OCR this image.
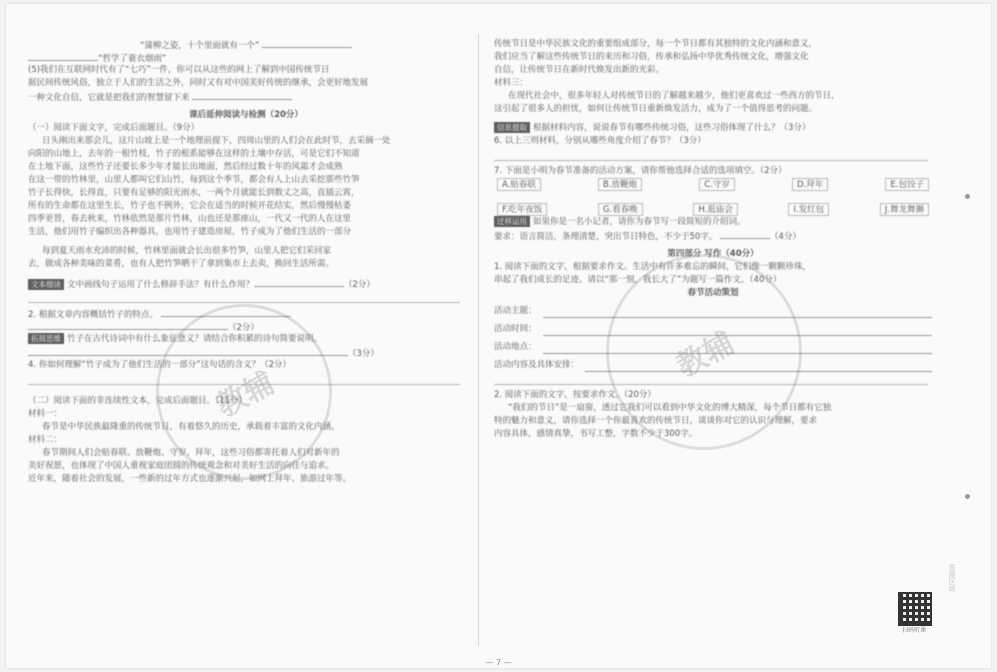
“蒲柳之姿，十个里面就有一个”
“哲学了蓑衣烟雨”
(5)我们在互联网时代有了“七巧”一件，你可以从这些的网上了解到中国传统节日
据民间传统风俗，独立于人们的生活之外，同时又有对中国美好传统的继承，会更好地发展
一种文化自信，它就是把我们的智慧留下来
课后延伸阅读与检测（20分）
（一）阅读下面文字，完成后面题目。（9分）
日头刚出来那会儿，这片山坡上是一个地理前提下，四周山里的人们会在此时节，去采摘一处
向阳的山地上，去年的一根竹枝，竹子的根系能够在这样的土壤中存活，可是它们不知道
在土地下面，这些竹子还要长多少年才能长出地面，然后经过数十年的风霜才会成熟
在这一带的竹林里，山里人都叫它们山竹，每到这个季节，都会有人上山去采挖那些竹笋
竹子长得快，长得直，只要有足够的阳光雨水，一两个月就能长到数丈之高，直插云霄，
所有的生命都在这里生长，竹子也不例外，它会在适当的时候开花结实，然后慢慢枯萎
四季更替，春去秋来，竹林依然是那片竹林，山也还是那座山，一代又一代的人在这里
生活，他们用竹子编织出各种器具，也用竹子建造房屋，竹子成为了他们生活的一部分
每到夏天雨水充沛的时候，竹林里面就会长出很多竹笋，山里人把它们采回家
去，做成各种美味的菜肴，也有人把竹笋晒干了拿到集市上去卖，换回生活所需。
文本细读 文中画线句子运用了什么修辞手法？有什么作用？	（2分）
2. 根据文章内容概括竹子的特点。
（2分）
拓展思维 竹子在古代诗词中有什么象征意义？请结合你积累的诗句简要说明。
（3分）
4. 你如何理解“竹子成为了他们生活的一部分”这句话的含义？（2分）
（二）阅读下面的非连续性文本，完成后面题目。（11分）
材料一：
春节是中华民族最隆重的传统节日，有着悠久的历史，承载着丰富的文化内涵。
材料二：
春节期间人们会贴春联、放鞭炮、守岁、拜年，这些习俗都寄托着人们对新年的
美好祝愿，也体现了中国人重视家庭团圆的传统观念和对美好生活的向往与追求。
近年来，随着社会的发展，一些新的过年方式也逐渐兴起，如网上拜年、旅游过年等。
传统节日是中华民族文化的重要组成部分，每一个节日都有其独特的文化内涵和意义，
我们应当了解这些传统节日的来历和习俗，传承和弘扬中华优秀传统文化，增强文化
自信，让传统节日在新时代焕发出新的光彩。
材料三：
在现代社会中，很多年轻人对传统节日的了解越来越少，他们更喜欢过一些西方的节日，
这引起了很多人的担忧，如何让传统节日重新焕发活力，成为了一个值得思考的问题。
信息提取 根据材料内容，说说春节有哪些传统习俗，这些习俗体现了什么？（3分）
6. 以上三则材料，分别从哪些角度介绍了春节？（3分）
7. 下面是小明为春节准备的活动方案，请你帮他选择合适的选项填空。（2分）
A.贴春联	B.放鞭炮	C.守岁	D.拜年	E.包饺子
F.吃年夜饭	G.看春晚	H.逛庙会	I.发红包	J.舞龙舞狮
迁移运用 如果你是一名小记者，请你为春节写一段简短的介绍词。
要求：语言简洁，条理清楚，突出节日特色，不少于50字。	（4分）
第四部分 写作（40分）
1. 阅读下面的文字，根据要求作文。生活中有许多难忘的瞬间，它们像一颗颗珍珠，
串起了我们成长的足迹。请以“那一刻，我长大了”为题写一篇作文。（40分）
春节活动策划
活动主题：
活动时间：
活动地点：
活动内容及具体安排：
2. 阅读下面的文字，按要求作文。（20分）
“我们的节日”是一扇窗，透过它我们可以看到中华文化的博大精深，每个节日都有它独
特的魅力和意义，请你选择一个你最喜欢的传统节日，谈谈你对它的认识与理解，要求
内容具体，感情真挚，书写工整，字数不少于300字。
教辅
教辅
答题区域
扫码听课
— 7 —
